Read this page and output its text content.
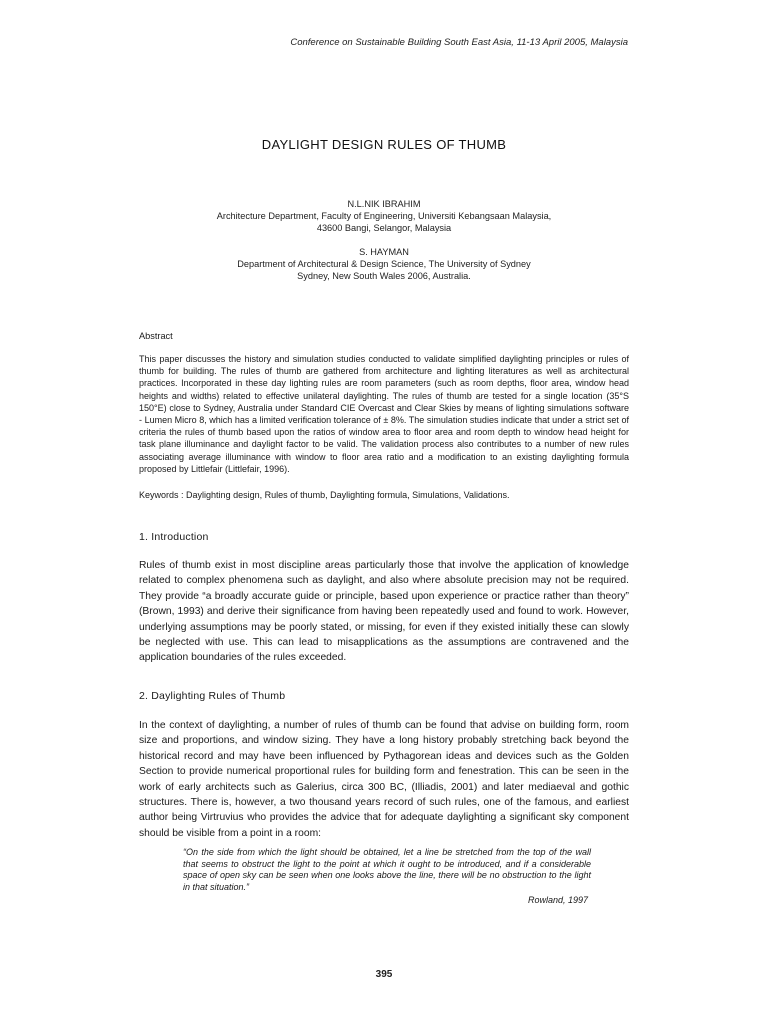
Conference on Sustainable Building South East Asia, 11-13 April 2005, Malaysia
DAYLIGHT DESIGN RULES OF THUMB
N.L.NIK IBRAHIM
Architecture Department, Faculty of Engineering, Universiti Kebangsaan Malaysia,
43600 Bangi, Selangor, Malaysia
S. HAYMAN
Department of Architectural & Design Science, The University of Sydney
Sydney, New South Wales 2006, Australia.
Abstract

This paper discusses the history and simulation studies conducted to validate simplified daylighting principles or rules of thumb for building. The rules of thumb are gathered from architecture and lighting literatures as well as architectural practices. Incorporated in these day lighting rules are room parameters (such as room depths, floor area, window head heights and widths) related to effective unilateral daylighting. The rules of thumb are tested for a single location (35°S 150°E) close to Sydney, Australia under Standard CIE Overcast and Clear Skies by means of lighting simulations software - Lumen Micro 8, which has a limited verification tolerance of ± 8%. The simulation studies indicate that under a strict set of criteria the rules of thumb based upon the ratios of window area to floor area and room depth to window head height for task plane illuminance and daylight factor to be valid. The validation process also contributes to a number of new rules associating average illuminance with window to floor area ratio and a modification to an existing daylighting formula proposed by Littlefair (Littlefair, 1996).

Keywords : Daylighting design, Rules of thumb, Daylighting formula, Simulations, Validations.
1. Introduction

Rules of thumb exist in most discipline areas particularly those that involve the application of knowledge related to complex phenomena such as daylight, and also where absolute precision may not be required. They provide “a broadly accurate guide or principle, based upon experience or practice rather than theory” (Brown, 1993) and derive their significance from having been repeatedly used and found to work. However, underlying assumptions may be poorly stated, or missing, for even if they existed initially these can slowly be neglected with use. This can lead to misapplications as the assumptions are contravened and the application boundaries of the rules exceeded.

2. Daylighting Rules of Thumb

In the context of daylighting, a number of rules of thumb can be found that advise on building form, room size and proportions, and window sizing. They have a long history probably stretching back beyond the historical record and may have been influenced by Pythagorean ideas and devices such as the Golden Section to provide numerical proportional rules for building form and fenestration. This can be seen in the work of early architects such as Galerius, circa 300 BC, (Illiadis, 2001) and later mediaeval and gothic structures. There is, however, a two thousand years record of such rules, one of the famous, and earliest author being Virtruvius who provides the advice that for adequate daylighting a significant sky component should be visible from a point in a room:

“On the side from which the light should be obtained, let a line be stretched from the top of the wall that seems to obstruct the light to the point at which it ought to be introduced, and if a considerable space of open sky can be seen when one looks above the line, there will be no obstruction to the light in that situation.”

Rowland, 1997
395
